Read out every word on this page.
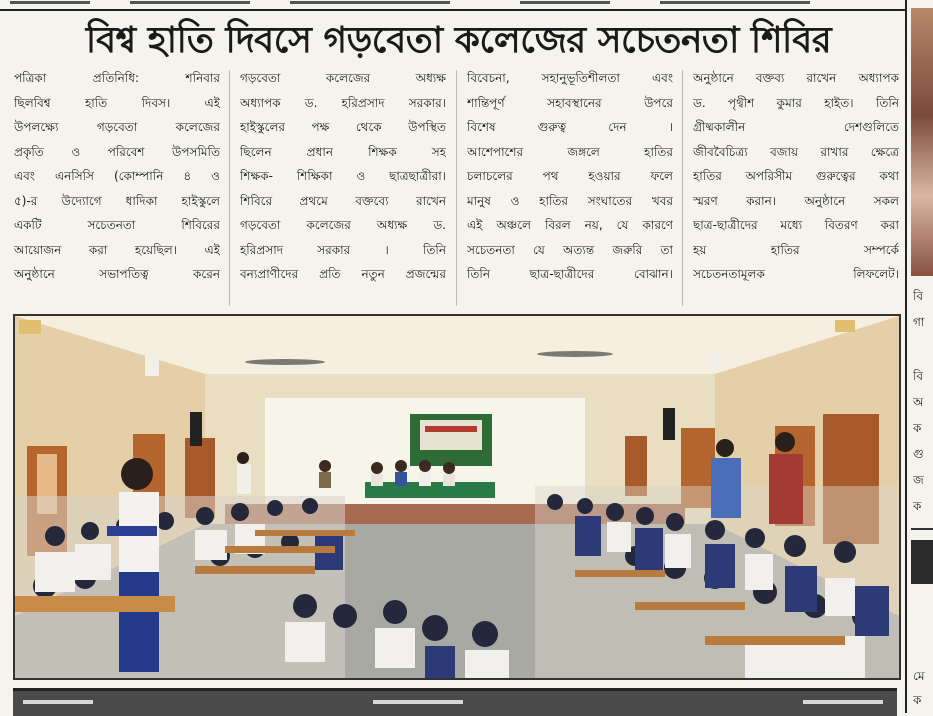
বিশ্ব হাতি দিবসে গড়বেতা কলেজের সচেতনতা শিবির
পত্রিকা প্রতিনিধি: শনিবার
ছিলবিশ্ব হাতি দিবস। এই
উপলক্ষ্যে গড়বেতা কলেজের
প্রকৃতি ও পরিবেশ উপসমিতি
এবং এনসিসি (কোম্পানি ৪ ও
৫)-র উদ্যোগে ধাদিকা হাইস্কুলে
একটি সচেতনতা শিবিরের
আয়োজন করা হয়েছিল। এই
অনুষ্ঠানে সভাপতিত্ব করেন
গড়বেতা কলেজের অধ্যক্ষ
অধ্যাপক ড. হরিপ্রসাদ সরকার।
হাইস্কুলের পক্ষ থেকে উপস্থিত
ছিলেন প্রধান শিক্ষক সহ
শিক্ষক- শিক্ষিকা ও ছাত্রছাত্রীরা।
শিবিরে প্রথমে বক্তব্যে রাখেন
গড়বেতা কলেজের অধ্যক্ষ ড.
হরিপ্রসাদ সরকার । তিনি
বন্যপ্রাণীদের প্রতি নতুন প্রজন্মের
বিবেচনা, সহানুভূতিশীলতা এবং
শান্তিপূর্ণ সহাবস্থানের উপরে
বিশেষ গুরুত্ব দেন ।
আশেপাশের জঙ্গলে হাতির
চলাচলের পথ হওয়ার ফলে
মানুষ ও হাতির সংঘাতের খবর
এই অঞ্চলে বিরল নয়, যে কারণে
সচেতনতা যে অত্যন্ত জরুরি তা
তিনি ছাত্র-ছাত্রীদের বোঝান।
অনুষ্ঠানে বক্তব্য রাখেন অধ্যাপক
ড. পৃথ্বীশ কুমার হাইত। তিনি
গ্রীষ্মকালীন দেশগুলিতে
জীববৈচিত্র্য বজায় রাখার ক্ষেত্রে
হাতির অপরিসীম গুরুত্বের কথা
স্মরণ করান। অনুষ্ঠানে সকল
ছাত্র-ছাত্রীদের মধ্যে বিতরণ করা
হয় হাতির সম্পর্কে
সচেতনতামূলক লিফলেট।
বি
গা
বি
অ
ক
গু
জ
ক
মে
ক
